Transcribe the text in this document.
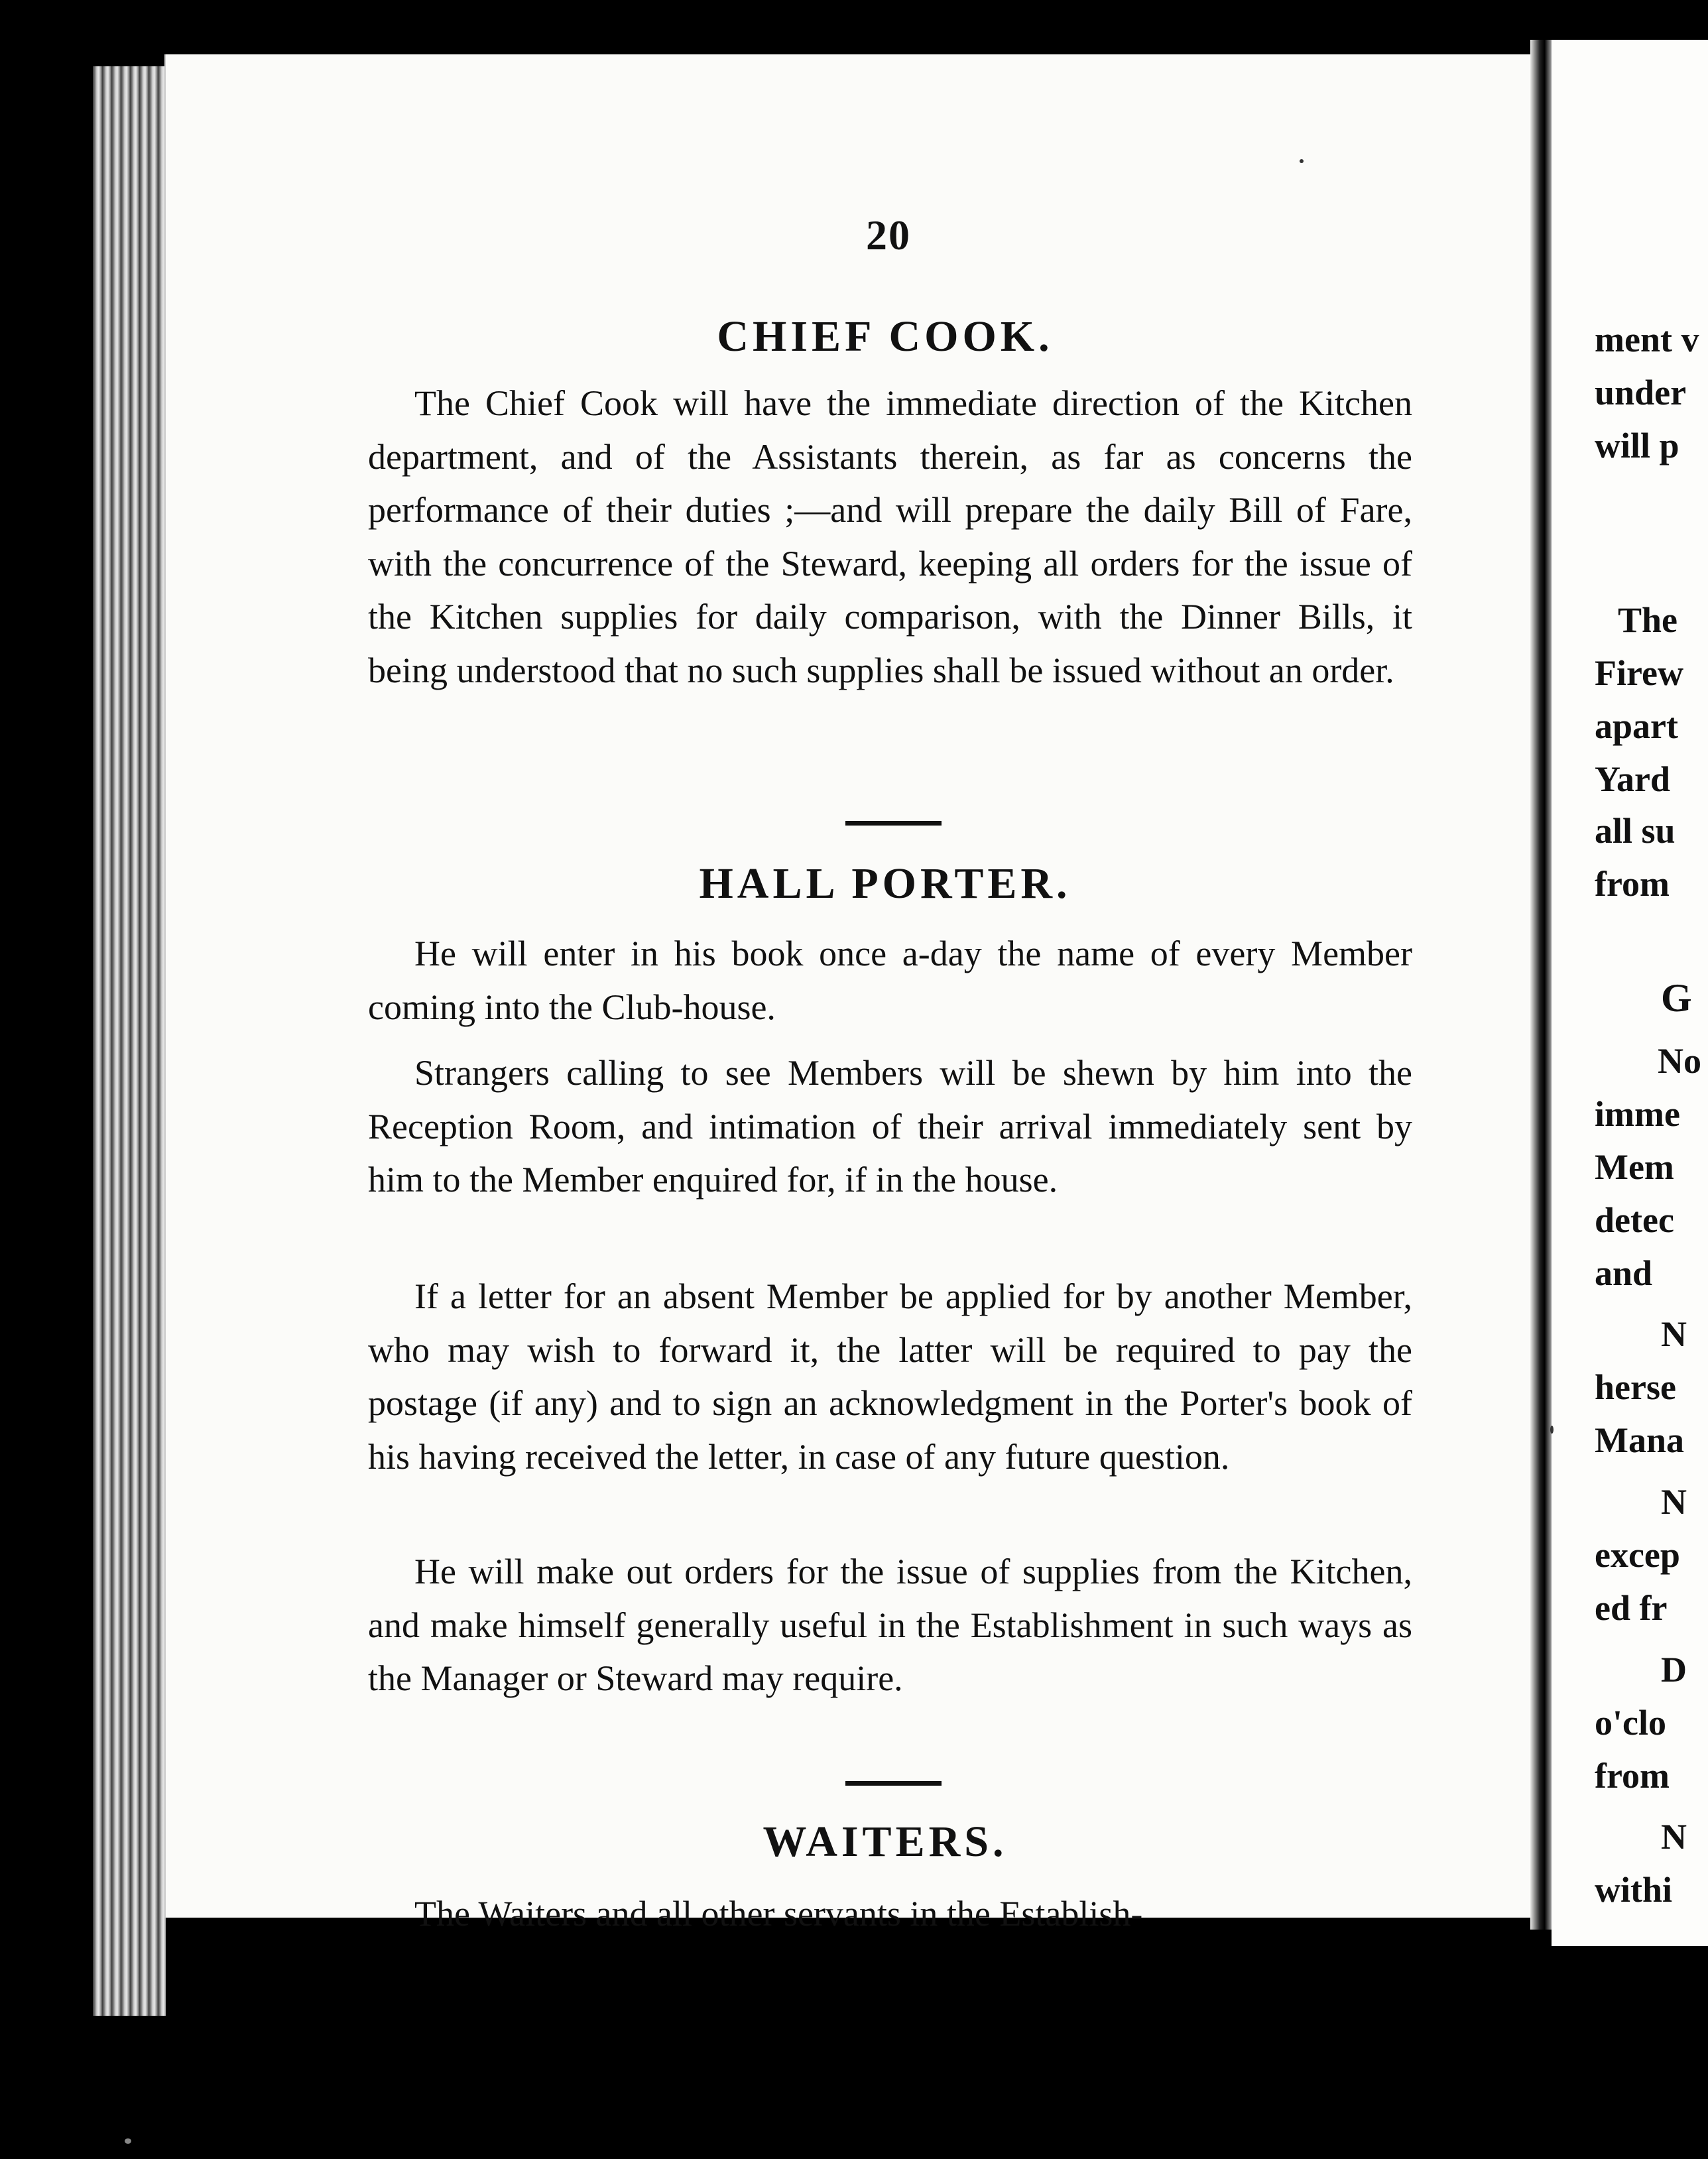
20
CHIEF COOK.

The Chief Cook will have the immediate direction of the Kitchen department, and of the Assistants therein, as far as concerns the performance of their duties ;—and will prepare the daily Bill of Fare, with the concurrence of the Steward, keeping all orders for the issue of the Kitchen supplies for daily comparison, with the Dinner Bills, it being understood that no such supplies shall be issued without an order.

HALL PORTER.

He will enter in his book once a-day the name of every Member coming into the Club-house.

Strangers calling to see Members will be shewn by him into the Reception Room, and intimation of their arrival immediately sent by him to the Member enquired for, if in the house.

If a letter for an absent Member be applied for by another Member, who may wish to forward it, the latter will be required to pay the postage (if any) and to sign an acknowledgment in the Porter's book of his having received the letter, in case of any future question.

He will make out orders for the issue of supplies from the Kitchen, and make himself generally useful in the Establishment in such ways as the Manager or Steward may require.

WAITERS.

The Waiters and all other servants in the Establish-

ment v
under
will p
The
Firew
apart
Yard
all su
from
G
No
imme
Mem
detec
and
N
herse
Mana
N
excep
ed fr
D
o'clo
from
N
withi
